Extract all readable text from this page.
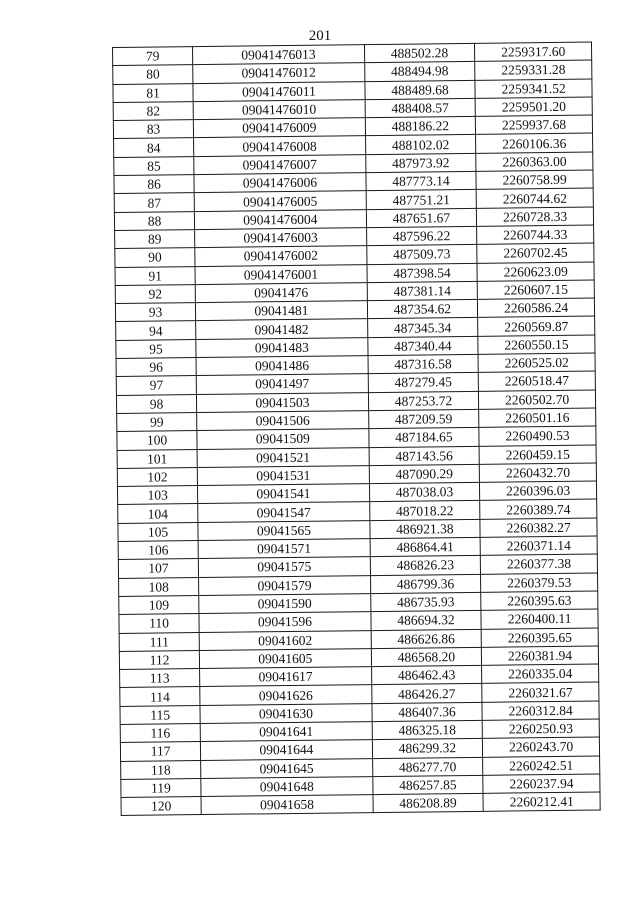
201
79	09041476013	488502.28	2259317.60
80	09041476012	488494.98	2259331.28
81	09041476011	488489.68	2259341.52
82	09041476010	488408.57	2259501.20
83	09041476009	488186.22	2259937.68
84	09041476008	488102.02	2260106.36
85	09041476007	487973.92	2260363.00
86	09041476006	487773.14	2260758.99
87	09041476005	487751.21	2260744.62
88	09041476004	487651.67	2260728.33
89	09041476003	487596.22	2260744.33
90	09041476002	487509.73	2260702.45
91	09041476001	487398.54	2260623.09
92	09041476	487381.14	2260607.15
93	09041481	487354.62	2260586.24
94	09041482	487345.34	2260569.87
95	09041483	487340.44	2260550.15
96	09041486	487316.58	2260525.02
97	09041497	487279.45	2260518.47
98	09041503	487253.72	2260502.70
99	09041506	487209.59	2260501.16
100	09041509	487184.65	2260490.53
101	09041521	487143.56	2260459.15
102	09041531	487090.29	2260432.70
103	09041541	487038.03	2260396.03
104	09041547	487018.22	2260389.74
105	09041565	486921.38	2260382.27
106	09041571	486864.41	2260371.14
107	09041575	486826.23	2260377.38
108	09041579	486799.36	2260379.53
109	09041590	486735.93	2260395.63
110	09041596	486694.32	2260400.11
111	09041602	486626.86	2260395.65
112	09041605	486568.20	2260381.94
113	09041617	486462.43	2260335.04
114	09041626	486426.27	2260321.67
115	09041630	486407.36	2260312.84
116	09041641	486325.18	2260250.93
117	09041644	486299.32	2260243.70
118	09041645	486277.70	2260242.51
119	09041648	486257.85	2260237.94
120	09041658	486208.89	2260212.41
